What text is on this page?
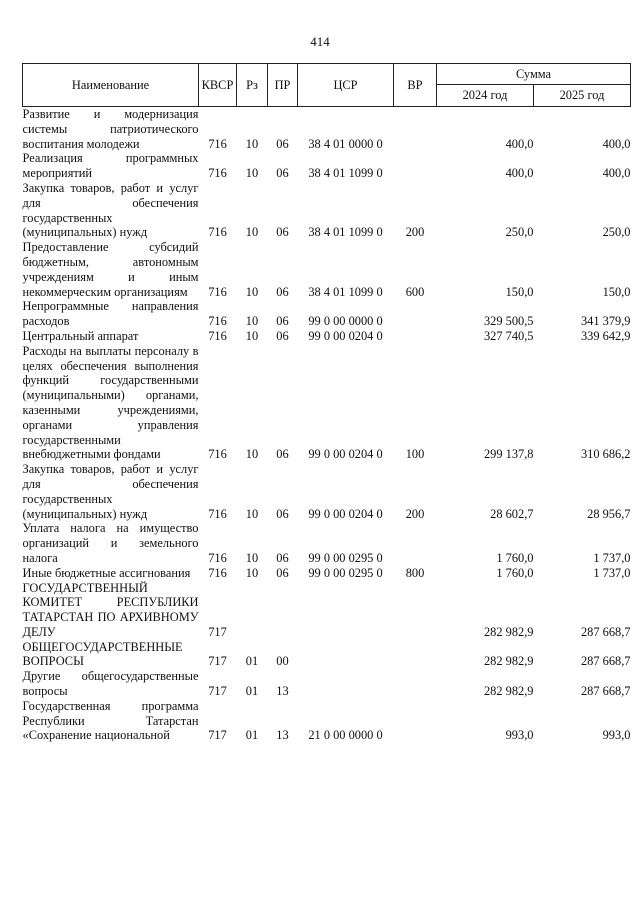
414
Наименование	КВСР	Рз	ПР	ЦСР	ВР	Сумма	
						2024 год	2025 год
Развитие и модернизация системы патриотического воспитания молодежи	716	10	06	38 4 01 0000 0		400,0	400,0
Реализация программных мероприятий	716	10	06	38 4 01 1099 0		400,0	400,0
Закупка товаров, работ и услуг для обеспечения государственных (муниципальных) нужд	716	10	06	38 4 01 1099 0	200	250,0	250,0
Предоставление субсидий бюджетным, автономным учреждениям и иным некоммерческим организациям	716	10	06	38 4 01 1099 0	600	150,0	150,0
Непрограммные направления расходов	716	10	06	99 0 00 0000 0		329 500,5	341 379,9
Центральный аппарат	716	10	06	99 0 00 0204 0		327 740,5	339 642,9
Расходы на выплаты персоналу в целях обеспечения выполнения функций государственными (муниципальными) органами, казенными учреждениями, органами управления государственными внебюджетными фондами	716	10	06	99 0 00 0204 0	100	299 137,8	310 686,2
Закупка товаров, работ и услуг для обеспечения государственных (муниципальных) нужд	716	10	06	99 0 00 0204 0	200	28 602,7	28 956,7
Уплата налога на имущество организаций и земельного налога	716	10	06	99 0 00 0295 0		1 760,0	1 737,0
Иные бюджетные ассигнования	716	10	06	99 0 00 0295 0	800	1 760,0	1 737,0
ГОСУДАРСТВЕННЫЙ КОМИТЕТ РЕСПУБЛИКИ ТАТАРСТАН ПО АРХИВНОМУ ДЕЛУ	717					282 982,9	287 668,7
ОБЩЕГОСУДАРСТВЕННЫЕ ВОПРОСЫ	717	01	00			282 982,9	287 668,7
Другие общегосударственные вопросы	717	01	13			282 982,9	287 668,7
Государственная программа Республики Татарстан «Сохранение национальной	717	01	13	21 0 00 0000 0		993,0	993,0
